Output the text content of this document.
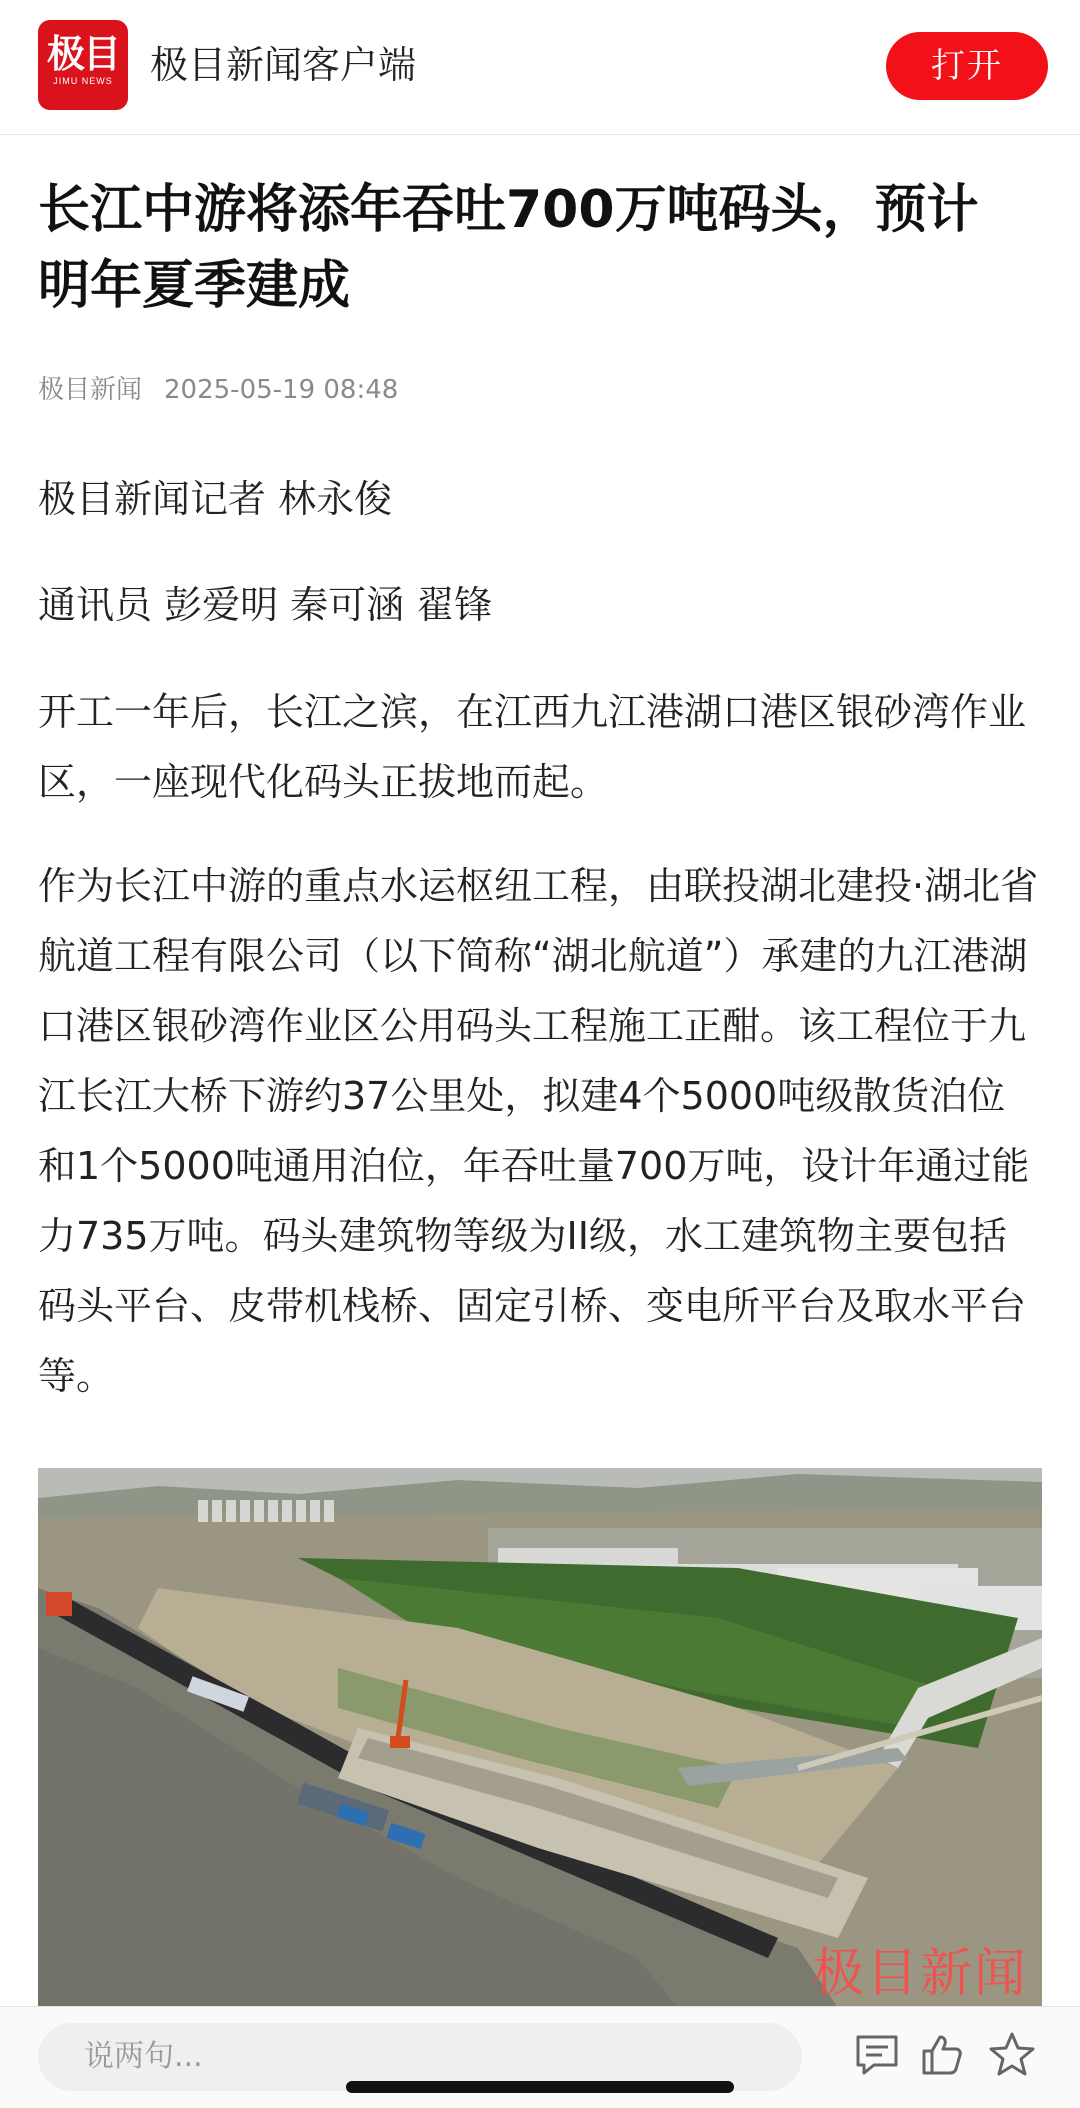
极目
JIMU NEWS 极目新闻客户端	打开
长江中游将添年吞吐700万吨码头，预计明年夏季建成
极目新闻 2025-05-19 08:48

极目新闻记者 林永俊

通讯员 彭爱明 秦可涵 翟锋

开工一年后，长江之滨，在江西九江港湖口港区银砂湾作业区，一座现代化码头正拔地而起。

作为长江中游的重点水运枢纽工程，由联投湖北建投·湖北省航道工程有限公司（以下简称“湖北航道”）承建的九江港湖口港区银砂湾作业区公用码头工程施工正酣。该工程位于九江长江大桥下游约37公里处，拟建4个5000吨级散货泊位和1个5000吨通用泊位，年吞吐量700万吨，设计年通过能力735万吨。码头建筑物等级为II级，水工建筑物主要包括码头平台、皮带机栈桥、固定引桥、变电所平台及取水平台等。

极目新闻
说两句...
